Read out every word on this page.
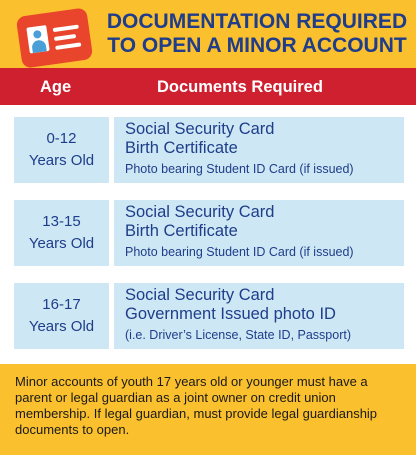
DOCUMENTATION REQUIRED
TO OPEN A MINOR ACCOUNT
Age	Documents Required
0-12
Years Old
Social Security Card
Birth Certificate
Photo bearing Student ID Card (if issued)
13-15
Years Old
Social Security Card
Birth Certificate
Photo bearing Student ID Card (if issued)
16-17
Years Old
Social Security Card
Government Issued photo ID
(i.e. Driver’s License, State ID, Passport)

Minor accounts of youth 17 years old or younger must have a parent or legal guardian as a joint owner on credit union membership. If legal guardian, must provide legal guardianship documents to open.
